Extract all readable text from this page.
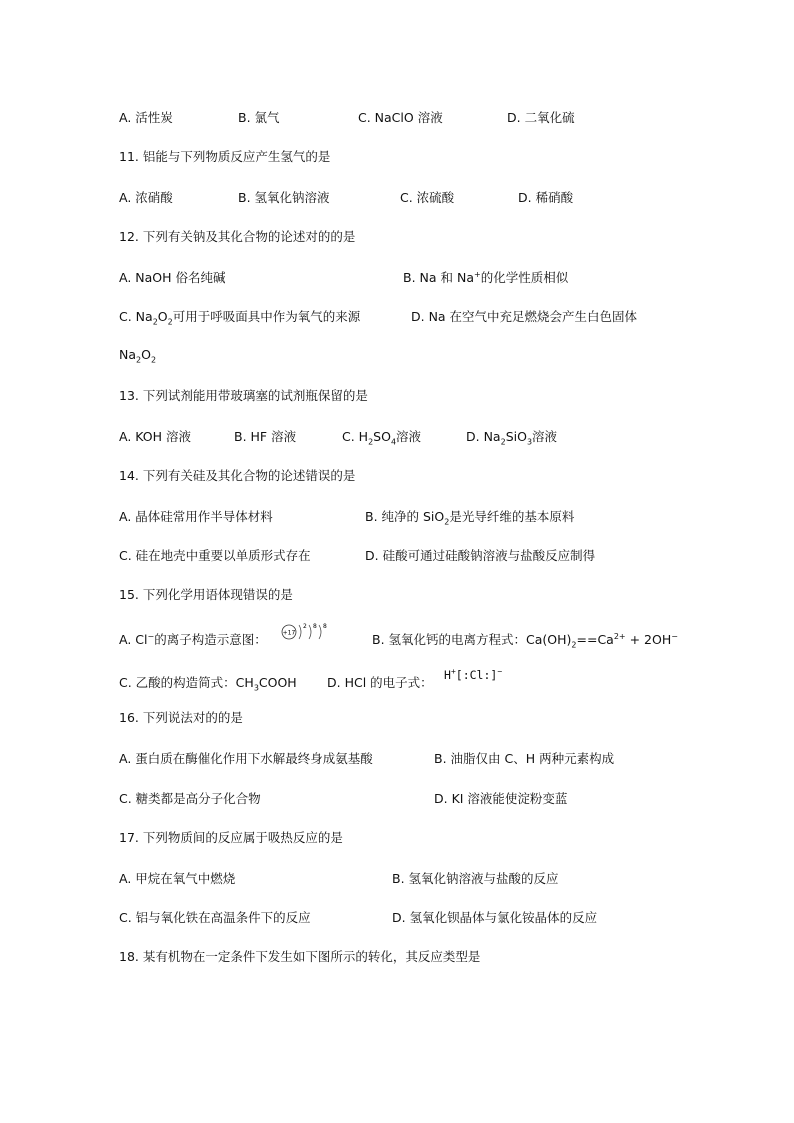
A. 活性炭	B. 氯气	C. NaClO 溶液	D. 二氧化硫
11. 铝能与下列物质反应产生氢气的是
A. 浓硝酸	B. 氢氧化钠溶液	C. 浓硫酸	D. 稀硝酸
12. 下列有关钠及其化合物的论述对的的是
A. NaOH 俗名纯碱	B. Na 和 Na+的化学性质相似
C. $Na_2O_2$可用于呼吸面具中作为氧气的来源	D. Na 在空气中充足燃烧会产生白色固体
$Na_2O_2$
13. 下列试剂能用带玻璃塞的试剂瓶保留的是
A. KOH 溶液	B. HF 溶液	C. $H_2SO_4$溶液	D. $Na_2SiO_3$溶液
14. 下列有关硅及其化合物的论述错误的是
A. 晶体硅常用作半导体材料	B. 纯净的 SiO$_2$是光导纤维的基本原料
C. 硅在地壳中重要以单质形式存在	D. 硅酸可通过硅酸钠溶液与盐酸反应制得
15. 下列化学用语体现错误的是
A. Cl−的离子构造示意图：	+17
2 8 8
B. 氢氧化钙的电离方程式：$Ca(OH)_2==Ca^{2+} + 2OH^-$
C. 乙酸的构造简式：$CH_3COOH$ D. HCl 的电子式： H+[:Cl:]−
16. 下列说法对的的是
A. 蛋白质在酶催化作用下水解最终身成氨基酸	B. 油脂仅由 C、H 两种元素构成
C. 糖类都是高分子化合物	D. KI 溶液能使淀粉变蓝
17. 下列物质间的反应属于吸热反应的是
A. 甲烷在氧气中燃烧	B. 氢氧化钠溶液与盐酸的反应
C. 铝与氧化铁在高温条件下的反应	D. 氢氧化钡晶体与氯化铵晶体的反应
18. 某有机物在一定条件下发生如下图所示的转化，其反应类型是
